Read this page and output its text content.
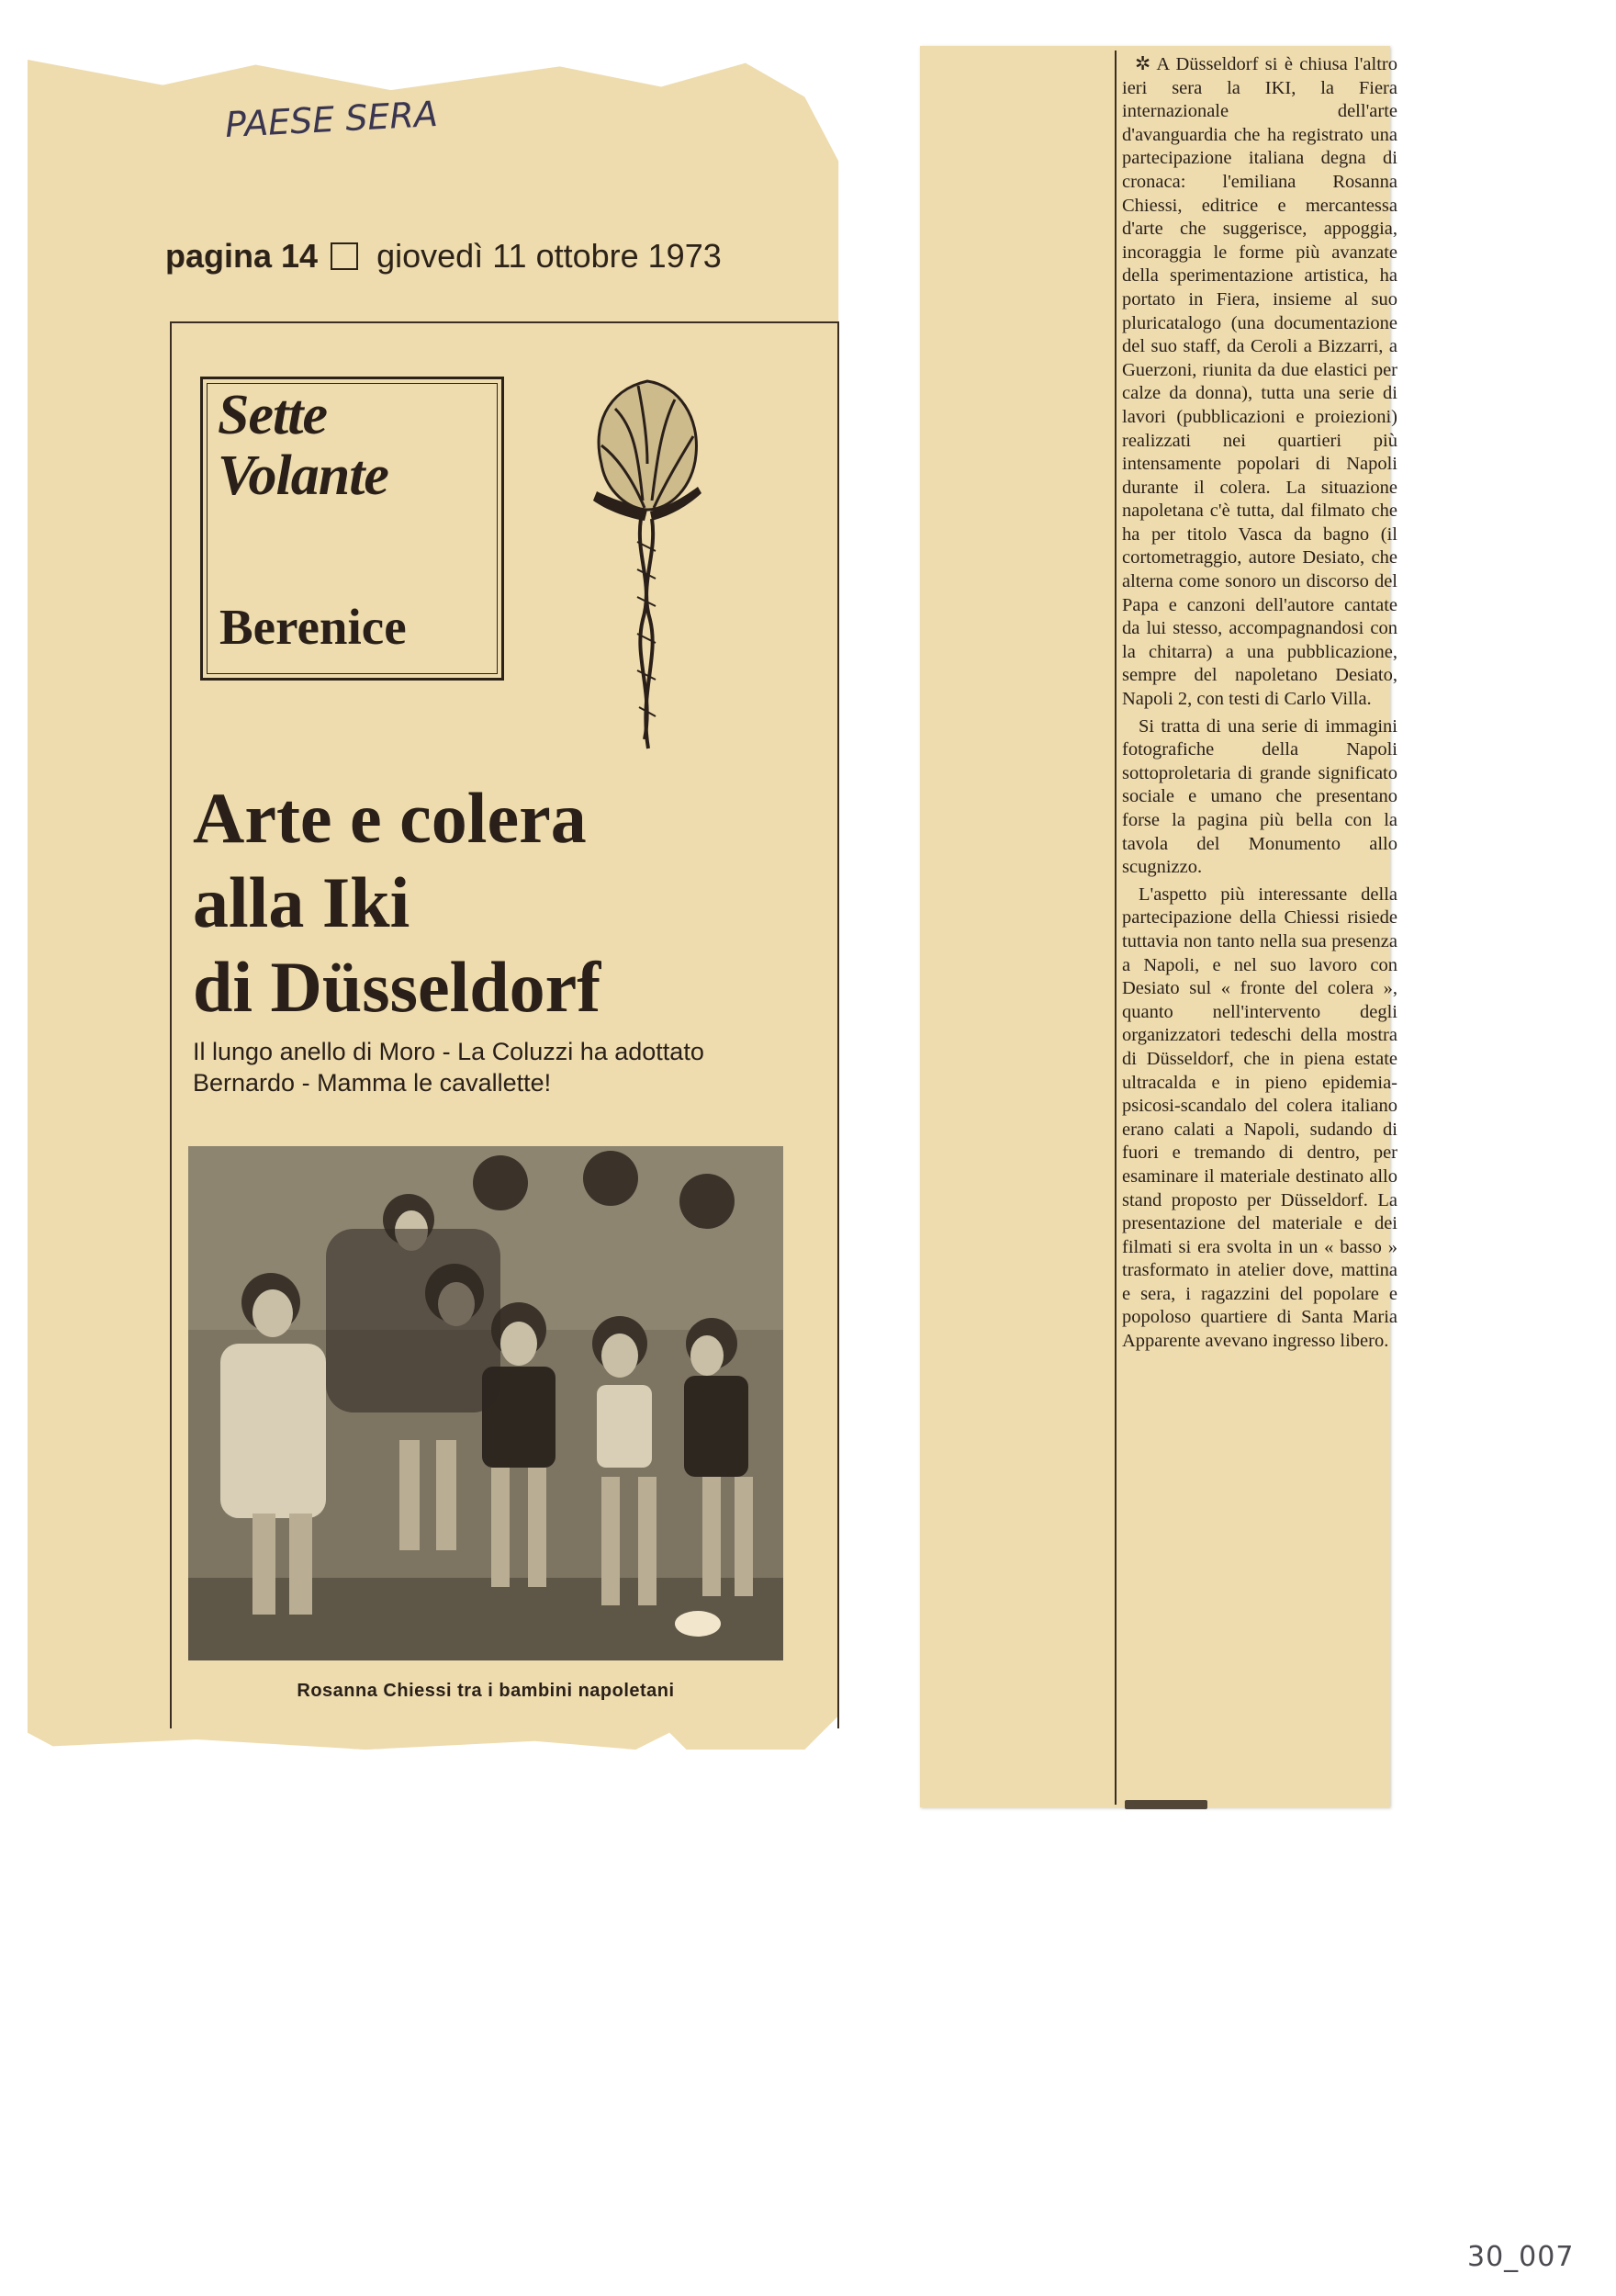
PAESE SERA
pagina 14 giovedì 11 ottobre 1973
Sette
Volante
Berenice
Arte e colera
alla Iki
di Düsseldorf
Il lungo anello di Moro - La Coluzzi ha adottato Bernardo - Mamma le cavallette!
Rosanna Chiessi tra i bambini napoletani

✲ A Düsseldorf si è chiusa l'altro ieri sera la IKI, la Fiera internazionale dell'arte d'avanguardia che ha registrato una partecipazione italiana degna di cronaca: l'emiliana Rosanna Chiessi, editrice e mercantessa d'arte che suggerisce, appoggia, incoraggia le forme più avanzate della sperimentazione artistica, ha portato in Fiera, insieme al suo pluricatalogo (una documentazione del suo staff, da Ceroli a Bizzarri, a Guerzoni, riunita da due elastici per calze da donna), tutta una serie di lavori (pubblicazioni e proiezioni) realizzati nei quartieri più intensamente popolari di Napoli durante il colera. La situazione napoletana c'è tutta, dal filmato che ha per titolo Vasca da bagno (il cortometraggio, autore Desiato, che alterna come sonoro un discorso del Papa e canzoni dell'autore cantate da lui stesso, accompagnandosi con la chitarra) a una pubblicazione, sempre del napoletano Desiato, Napoli 2, con testi di Carlo Villa.

Si tratta di una serie di immagini fotografiche della Napoli sottoproletaria di grande significato sociale e umano che presentano forse la pagina più bella con la tavola del Monumento allo scugnizzo.

L'aspetto più interessante della partecipazione della Chiessi risiede tuttavia non tanto nella sua presenza a Napoli, e nel suo lavoro con Desiato sul « fronte del colera », quanto nell'intervento degli organizzatori tedeschi della mostra di Düsseldorf, che in piena estate ultracalda e in pieno epidemia-psicosi-scandalo del colera italiano erano calati a Napoli, sudando di fuori e tremando di dentro, per esaminare il materiale destinato allo stand proposto per Düsseldorf. La presentazione del materiale e dei filmati si era svolta in un « basso » trasformato in atelier dove, mattina e sera, i ragazzini del popolare e popoloso quartiere di Santa Maria Apparente avevano ingresso libero.

30_007
